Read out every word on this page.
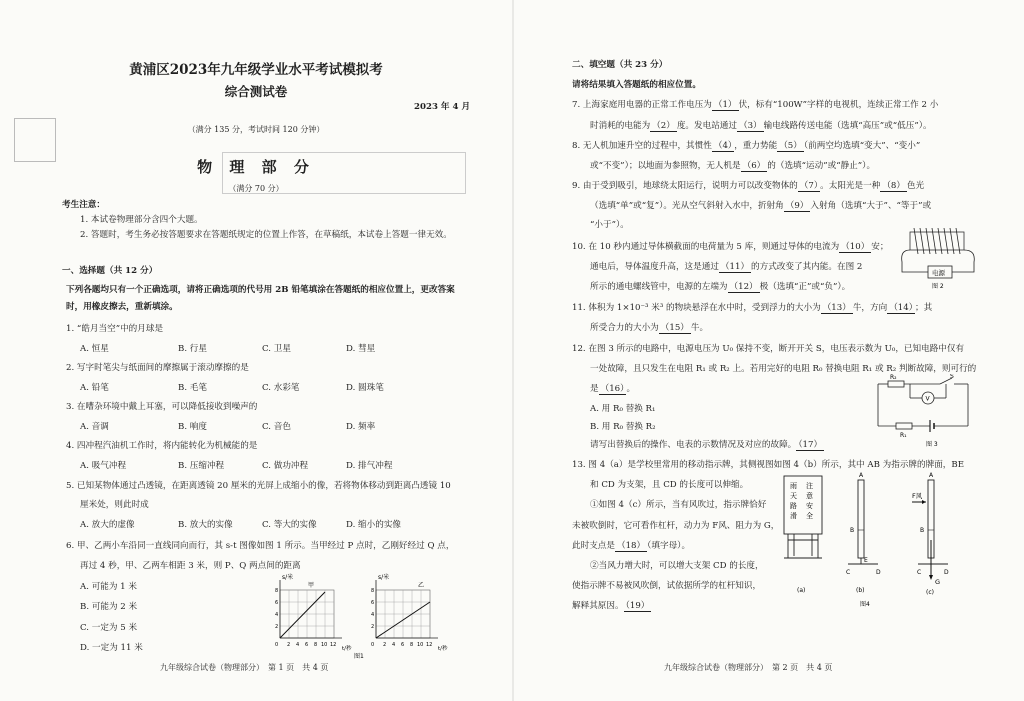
黄浦区2023年九年级学业水平考试模拟考
综合测试卷
2023 年 4 月
（满分 135 分，考试时间 120 分钟）
物 理 部 分
（满分 70 分）
考生注意：
1. 本试卷物理部分含四个大题。
2. 答题时，考生务必按答题要求在答题纸规定的位置上作答，在草稿纸，本试卷上答题一律无效。
一、选择题（共 12 分）
下列各题均只有一个正确选项，请将正确选项的代号用 2B 铅笔填涂在答题纸的相应位置上，更改答案
时，用橡皮擦去，重新填涂。
1. “皓月当空”中的月球是
A. 恒星	B. 行星	C. 卫星	D. 彗星
2. 写字时笔尖与纸面间的摩擦属于滚动摩擦的是
A. 铅笔	B. 毛笔	C. 水彩笔	D. 圆珠笔
3. 在嘈杂环境中戴上耳塞，可以降低接收到噪声的
A. 音调	B. 响度	C. 音色	D. 频率
4. 四冲程汽油机工作时，将内能转化为机械能的是
A. 吸气冲程	B. 压缩冲程	C. 做功冲程	D. 排气冲程
5. 已知某物体通过凸透镜，在距离透镜 20 厘米的光屏上成缩小的像，若将物体移动到距离凸透镜 10
厘米处，则此时成
A. 放大的虚像	B. 放大的实像	C. 等大的实像	D. 缩小的实像
6. 甲、乙两小车沿同一直线同向而行，其 s-t 图像如图 1 所示。当甲经过 P 点时，乙刚好经过 Q 点，
再过 4 秒，甲、乙两车相距 3 米，则 P、Q 两点间的距离
A. 可能为 1 米
B. 可能为 2 米
C. 一定为 5 米
D. 一定为 11 米
s/米
甲
t/秒
0
2
4
6
8
2 4 6 8 10 12
s/米
乙
t/秒
0
2
4
6
8
2 4 6 8 10 12
图1
九年级综合试卷（物理部分）　第 1 页　共 4 页
二、填空题（共 23 分）
请将结果填入答题纸的相应位置。
7. 上海家庭用电器的正常工作电压为 （1） 伏，标有“100W”字样的电视机，连续正常工作 2 小
时消耗的电能为 （2） 度。发电站通过 （3） 输电线路传送电能（选填“高压”或“低压”）。
8. 无人机加速升空的过程中，其惯性 （4） ，重力势能 （5） （前两空均选填“变大”、“变小”
或“不变”）；以地面为参照物，无人机是 （6） 的（选填“运动”或“静止”）。
9. 由于受到吸引，地球绕太阳运行，说明力可以改变物体的 （7） 。太阳光是一种 （8） 色光
（选填“单”或“复”）。光从空气斜射入水中，折射角 （9） 入射角（选填“大于”、“等于”或
“小于”）。
10. 在 10 秒内通过导体横截面的电荷量为 5 库，则通过导体的电流为 （10） 安；
通电后，导体温度升高，这是通过 （11） 的方式改变了其内能。在图 2
所示的通电螺线管中，电源的左端为 （12） 极（选填“正”或“负”）。
电源
图 2
11. 体积为 1×10⁻³ 米³ 的物块悬浮在水中时，受到浮力的大小为 （13） 牛，方向 （14） ；其
所受合力的大小为 （15） 牛。
12. 在图 3 所示的电路中，电源电压为 U₀ 保持不变，断开开关 S，电压表示数为 U₀，已知电路中仅有
一处故障，且只发生在电阻 R₁ 或 R₂ 上。若用完好的电阻 R₀ 替换电阻 R₁ 或 R₂ 判断故障，则可行的
是 （16） 。
A. 用 R₀ 替换 R₁
B. 用 R₀ 替换 R₂
请写出替换后的操作、电表的示数情况及对应的故障。 （17）
R₂	S
V
R₁
图 3
13. 图 4（a）是学校里常用的移动指示牌，其侧视图如图 4（b）所示，其中 AB 为指示牌的牌面，BE
和 CD 为支架，且 CD 的长度可以伸缩。
①如图 4（c）所示，当有风吹过，指示牌恰好
未被吹倒时，它可看作杠杆，动力为 F风、阻力为 G，
此时支点是 （18） （填字母）。
②当风力增大时，可以增大支架 CD 的长度，
使指示牌不易被风吹倒，试依据所学的杠杆知识，
解释其原因。 （19）
雨
天
路
滑
注
意
安
全
(a)
A
B
E
C	D
(b)
F风
G
A
B
C	D
(c)
图4
九年级综合试卷（物理部分）　第 2 页　共 4 页
